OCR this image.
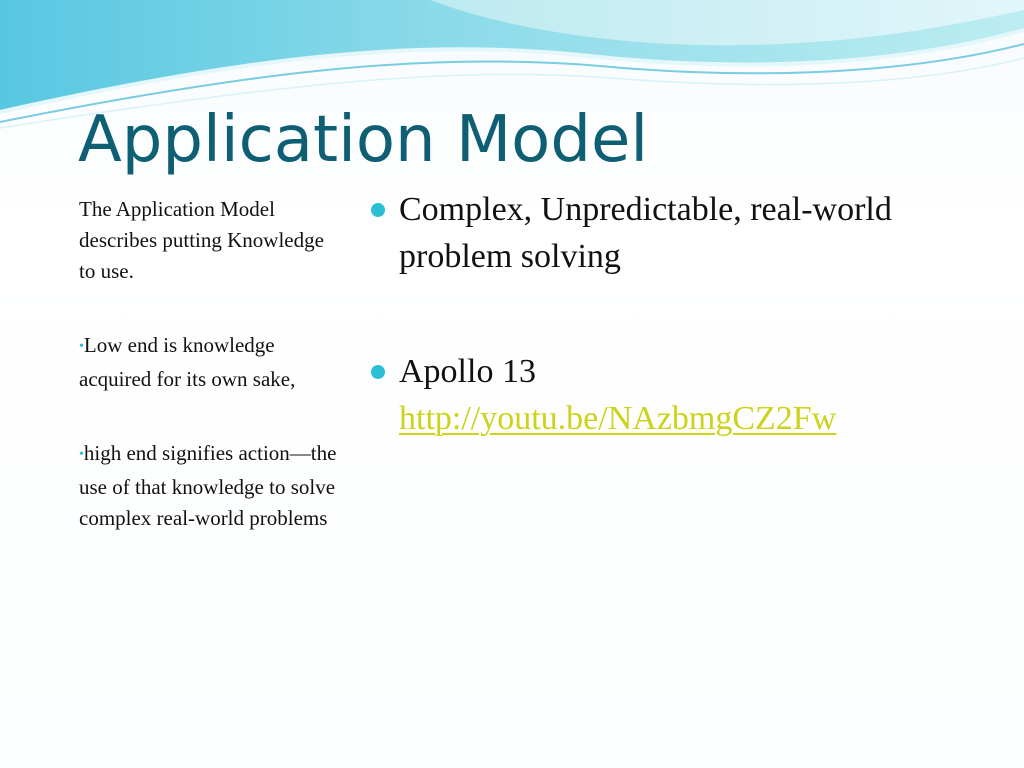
Application Model

The Application Model describes putting Knowledge to use.

•Low end is knowledge acquired for its own sake,

•high end signifies action—the use of that knowledge to solve complex real-world problems

Complex, Unpredictable, real-world problem solving
Apollo 13
http://youtu.be/NAzbmgCZ2Fw
